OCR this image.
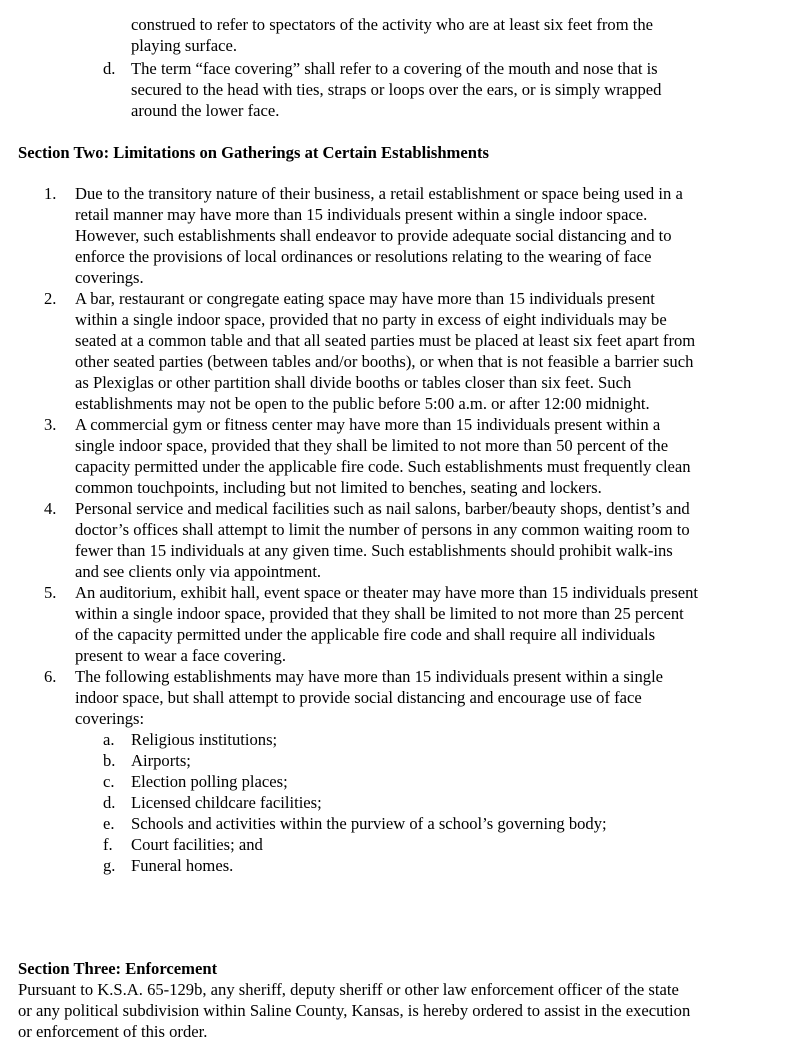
construed to refer to spectators of the activity who are at least six feet from the
playing surface.
d. The term “face covering” shall refer to a covering of the mouth and nose that is
secured to the head with ties, straps or loops over the ears, or is simply wrapped
around the lower face.
Section Two: Limitations on Gatherings at Certain Establishments
1. Due to the transitory nature of their business, a retail establishment or space being used in a
retail manner may have more than 15 individuals present within a single indoor space.
However, such establishments shall endeavor to provide adequate social distancing and to
enforce the provisions of local ordinances or resolutions relating to the wearing of face
coverings.
2. A bar, restaurant or congregate eating space may have more than 15 individuals present
within a single indoor space, provided that no party in excess of eight individuals may be
seated at a common table and that all seated parties must be placed at least six feet apart from
other seated parties (between tables and/or booths), or when that is not feasible a barrier such
as Plexiglas or other partition shall divide booths or tables closer than six feet. Such
establishments may not be open to the public before 5:00 a.m. or after 12:00 midnight.
3. A commercial gym or fitness center may have more than 15 individuals present within a
single indoor space, provided that they shall be limited to not more than 50 percent of the
capacity permitted under the applicable fire code. Such establishments must frequently clean
common touchpoints, including but not limited to benches, seating and lockers.
4. Personal service and medical facilities such as nail salons, barber/beauty shops, dentist’s and
doctor’s offices shall attempt to limit the number of persons in any common waiting room to
fewer than 15 individuals at any given time. Such establishments should prohibit walk-ins
and see clients only via appointment.
5. An auditorium, exhibit hall, event space or theater may have more than 15 individuals present
within a single indoor space, provided that they shall be limited to not more than 25 percent
of the capacity permitted under the applicable fire code and shall require all individuals
present to wear a face covering.
6. The following establishments may have more than 15 individuals present within a single
indoor space, but shall attempt to provide social distancing and encourage use of face
coverings:
a. Religious institutions;
b. Airports;
c. Election polling places;
d. Licensed childcare facilities;
e. Schools and activities within the purview of a school’s governing body;
f. Court facilities; and
g. Funeral homes.
Section Three: Enforcement
Pursuant to K.S.A. 65-129b, any sheriff, deputy sheriff or other law enforcement officer of the state
or any political subdivision within Saline County, Kansas, is hereby ordered to assist in the execution
or enforcement of this order.
